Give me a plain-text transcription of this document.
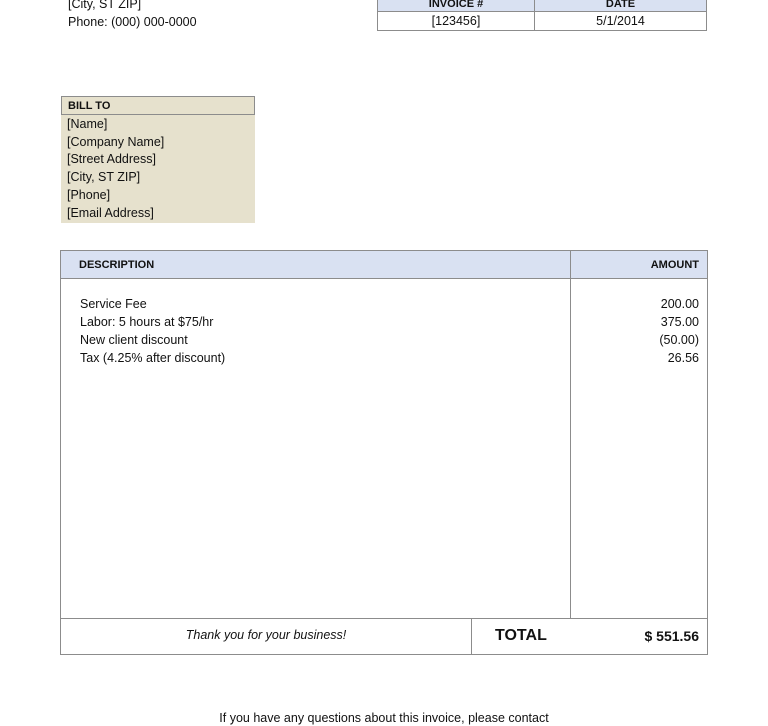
[City, ST ZIP]
Phone: (000) 000-0000
INVOICE #	DATE
[123456]	5/1/2014
BILL TO
[Name]
[Company Name]
[Street Address]
[City, ST ZIP]
[Phone]
[Email Address]
DESCRIPTION	AMOUNT
Service Fee	200.00
Labor: 5 hours at $75/hr	375.00
New client discount	(50.00)
Tax (4.25% after discount)	26.56
Thank you for your business!	TOTAL	$ 551.56
If you have any questions about this invoice, please contact
